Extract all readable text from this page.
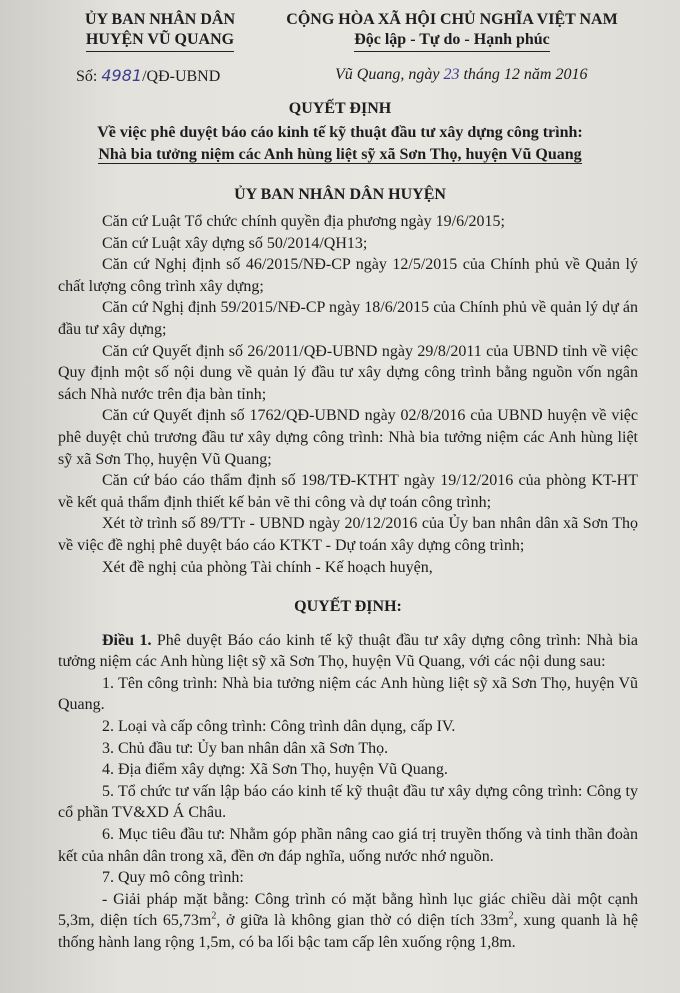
ỦY BAN NHÂN DÂN
HUYỆN VŨ QUANG
CỘNG HÒA XÃ HỘI CHỦ NGHĨA VIỆT NAM
Độc lập - Tự do - Hạnh phúc
Số: 4981/QĐ-UBND	Vũ Quang, ngày 23 tháng 12 năm 2016
QUYẾT ĐỊNH
Về việc phê duyệt báo cáo kinh tế kỹ thuật đầu tư xây dựng công trình:
Nhà bia tưởng niệm các Anh hùng liệt sỹ xã Sơn Thọ, huyện Vũ Quang
ỦY BAN NHÂN DÂN HUYỆN

Căn cứ Luật Tổ chức chính quyền địa phương ngày 19/6/2015;

Căn cứ Luật xây dựng số 50/2014/QH13;

Căn cứ Nghị định số 46/2015/NĐ-CP ngày 12/5/2015 của Chính phủ về Quản lý chất lượng công trình xây dựng;

Căn cứ Nghị định 59/2015/NĐ-CP ngày 18/6/2015 của Chính phủ về quản lý dự án đầu tư xây dựng;

Căn cứ Quyết định số 26/2011/QĐ-UBND ngày 29/8/2011 của UBND tỉnh về việc Quy định một số nội dung về quản lý đầu tư xây dựng công trình bằng nguồn vốn ngân sách Nhà nước trên địa bàn tỉnh;

Căn cứ Quyết định số 1762/QĐ-UBND ngày 02/8/2016 của UBND huyện về việc phê duyệt chủ trương đầu tư xây dựng công trình: Nhà bia tưởng niệm các Anh hùng liệt sỹ xã Sơn Thọ, huyện Vũ Quang;

Căn cứ báo cáo thẩm định số 198/TĐ-KTHT ngày 19/12/2016 của phòng KT-HT về kết quả thẩm định thiết kế bản vẽ thi công và dự toán công trình;

Xét tờ trình số 89/TTr - UBND ngày 20/12/2016 của Ủy ban nhân dân xã Sơn Thọ về việc đề nghị phê duyệt báo cáo KTKT - Dự toán xây dựng công trình;

Xét đề nghị của phòng Tài chính - Kế hoạch huyện,

QUYẾT ĐỊNH:

Điều 1. Phê duyệt Báo cáo kinh tế kỹ thuật đầu tư xây dựng công trình: Nhà bia tưởng niệm các Anh hùng liệt sỹ xã Sơn Thọ, huyện Vũ Quang, với các nội dung sau:

1. Tên công trình: Nhà bia tưởng niệm các Anh hùng liệt sỹ xã Sơn Thọ, huyện Vũ Quang.

2. Loại và cấp công trình: Công trình dân dụng, cấp IV.

3. Chủ đầu tư: Ủy ban nhân dân xã Sơn Thọ.

4. Địa điểm xây dựng: Xã Sơn Thọ, huyện Vũ Quang.

5. Tổ chức tư vấn lập báo cáo kinh tế kỹ thuật đầu tư xây dựng công trình: Công ty cổ phần TV&XD Á Châu.

6. Mục tiêu đầu tư: Nhằm góp phần nâng cao giá trị truyền thống và tinh thần đoàn kết của nhân dân trong xã, đền ơn đáp nghĩa, uống nước nhớ nguồn.

7. Quy mô công trình:

- Giải pháp mặt bằng: Công trình có mặt bằng hình lục giác chiều dài một cạnh 5,3m, diện tích $65,73m^2$, ở giữa là không gian thờ có diện tích $33m^2$, xung quanh là hệ thống hành lang rộng 1,5m, có ba lối bậc tam cấp lên xuống rộng 1,8m.
